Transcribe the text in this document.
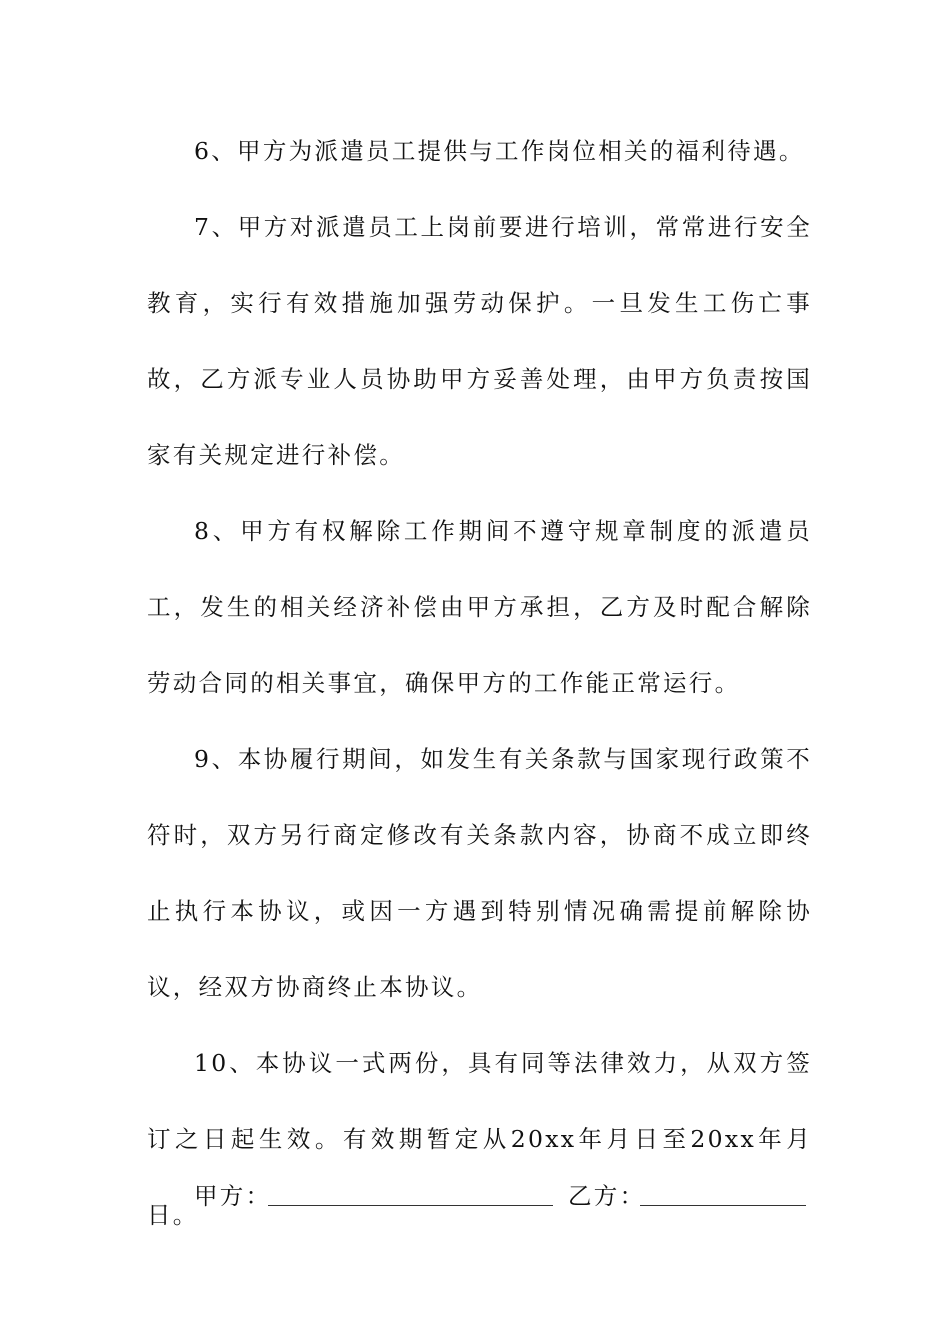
6、甲方为派遣员工提供与工作岗位相关的福利待遇。

7、甲方对派遣员工上岗前要进行培训，常常进行安全教育，实行有效措施加强劳动保护。一旦发生工伤亡事故，乙方派专业人员协助甲方妥善处理，由甲方负责按国家有关规定进行补偿。

8、甲方有权解除工作期间不遵守规章制度的派遣员工，发生的相关经济补偿由甲方承担，乙方及时配合解除劳动合同的相关事宜，确保甲方的工作能正常运行。

9、本协履行期间，如发生有关条款与国家现行政策不符时，双方另行商定修改有关条款内容，协商不成立即终止执行本协议，或因一方遇到特别情况确需提前解除协议，经双方协商终止本协议。

10、本协议一式两份，具有同等法律效力，从双方签订之日起生效。有效期暂定从20xx年月日至20xx年月日。

甲方：	乙方：
